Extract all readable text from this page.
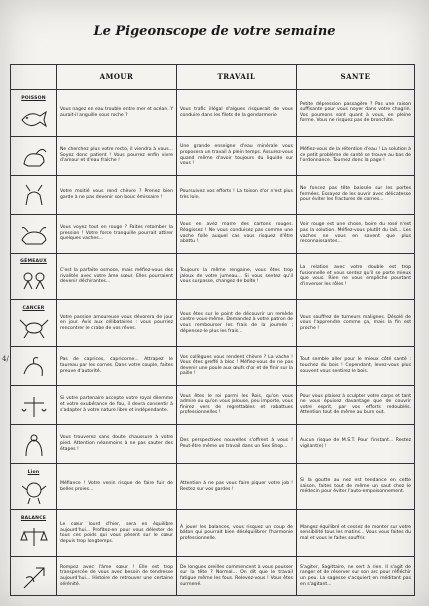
Le Pigeonscope de votre semaine
4/
	AMOUR	TRAVAIL	SANTE

POISSON	Vous nagez en eau trouble entre mer et océan. Y aurait-il anguille sous roche ?	Vous trafic illégal d'algues risquerait de vous conduire dans les filets de la gendarmerie	Petite dépression passagère ? Pas une raison suffisante pour vous noyer dans votre chagrin. Vos poumons sont quant à vous, en pleine forme. Vous ne risquez pas de bronchite.

	Ne cherchez plus votre recto, il viendra à vous... Soyez donc patient ! Vous pourrez enfin vivre d'amour et d'eau fraîche !	Une grande enseigne d'eau minérale vous proposera un travail à plein temps. Assurez-vous quand même d'avoir toujours du liquide sur vous !	Méfiez-vous de la rétention d'eau ! La solution à ce petit problème de santé se trouve au bas de l'ordonnance. Tournez donc la page !

	Votre moitié vous rend chèvre ? Prenez bien garde à ne pas devenir son bouc émissaire !	Poursuivez vos efforts ! La toison d'or n'est plus très loin.	Ne foncez pas tête baissée sur les portes fermées. Essayez de les ouvrir avec délicatesse pour éviter les fractures de cornes...

	Vous voyez tout en rouge ? Faites retomber la pression ! Votre force tranquille pourrait attirer quelques vaches...	Vous en avez marre des cartons rouges. Réagissez ! Ne vous conduisez pas comme une vache folle auquel cas vous risquez d'être abattu !	Voir rouge est une chose, boire du rosé n'est pas la solution. Méfiez-vous plutôt du lait... Les vaches ne vous en savent que plus reconnaissantes...

GÉMEAUX	C'est la parfaite osmose, mais méfiez-vous des rivalités avec votre âme sœur. Elles pourraient devenir déchirantes...	Toujours la même rengaine, vous êtes trop jaloux de votre jumeau... Si vous sentez qu'il vous surpasse, changez de boîte !	La relation avec votre double est trop fusionnelle et vous sentez qu'il se porte mieux que vous. Rien ne vous empêche pourtant d'inverser les rôles !

CANCER	Votre passion amoureuse vous dévorera de jour en jour. Avis aux célibataires : vous pourriez rencontrer le crabe de vos rêves.	Vous êtes sur le point de découvrir un remède contre vous-même. Demandez à votre patron de vous rembourser les frais de la journée ; dépensez-le plus les frais...	Vous souffrez de tumeurs malignes. Désolé de vous l'apprendre comme ça, mais la fin est proche !

	Pas de caprices, capricorne... Attrapez le taureau par les cornes. Dans votre couple, faites preuve d'autorité.	Vos collègues vous rendent chèvre ? La vache ! Vous êtes greffé à bloc ! Méfiez-vous de ne pas devenir une poule aux œufs d'or et de finir sur la paille !	Tout semble aller pour le mieux côté santé : touchez du bois ! Cependant, levez-vous plus souvent vous sentirez le bois.

	Si votre partenaire accepte votre royal dilemme et votre exubérance de fou, il devra consentir à s'adapter à votre nature libre et indépendante.	Vous êtes le roi parmi les Rois, qu'on vous admire ou qu'on vous jalouse, peu importe, vous finirez vers de regrettables et rabattues professionnelles !	Pour vous plaisez à sculpter votre corps et tant ne vous épuisez davantage que de couvrir votre esprit, par vos efforts redoublés. Attention tout de même au burn out.

	Vous trouverez sans doute chaussure à votre pied. Attention néanmoins à ne pas sauter des étapes !	Des perspectives nouvelles s'offrent à vous ! Peut-être même un travail dans un Sex Shop...	Aucun risque de M.S.T. Pour l'instant... Restez vigilant(e) !

Lion	Méfiance ! Votre venin risque de faire fuir de belles proies...	Attention à ne pas vous faire piquer votre job ! Restez sur vos gardes !	Si la goutte au nez est tendance en cette saison, faites tout de même un saut chez le médecin pour éviter l'auto-empoisonnement.

BALANCE	Le cœur lourd d'hier, sera en équilibre aujourd'hui... Profitez-en pour vous délester de tous ces poids qui vous pèsent sur le cœur depuis trop longtemps.	À jouer les balances, vous risquez un coup de bâton qui pourrait bien déséquilibrer l'harmonie professionnelle.	Mangez équilibré et cessez de monter sur votre sensibilité tous les matins... Vous vous faites du mal et vous le faites souffrir.

	Rompez avec l'âme sœur ! Elle est trop transpercée de vous avec besoin de tendresse aujourd'hui... Histoire de retrouver une certaine sérénité.	De longues oreilles commencent à vous pousser sur la tête ? Normal... On dit que le travail fatigue même les fous. Relevez-vous ! Vous êtes surmené.	S'agiter, Sagittaire, ne sert à rien. Il s'agit de ranger et de réserver sur son arc pour réfléchir un peu. La sagesse s'acquiert en méditant pas en s'agitant...
